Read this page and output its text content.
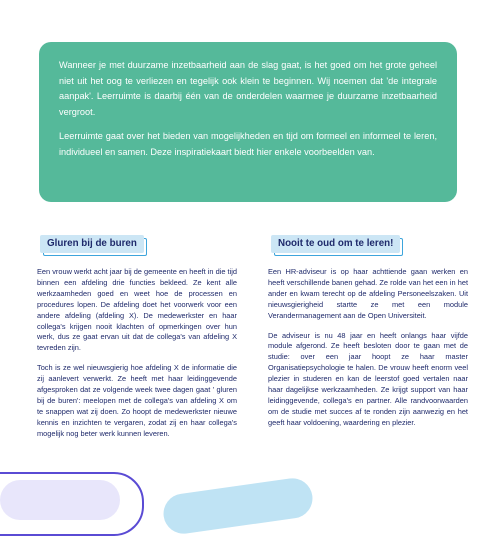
Wanneer je met duurzame inzetbaarheid aan de slag gaat, is het goed om het grote geheel niet uit het oog te verliezen en tegelijk ook klein te beginnen. Wij noemen dat 'de integrale aanpak'. Leerruimte is daarbij één van de onderdelen waarmee je duurzame inzetbaarheid vergroot.

Leerruimte gaat over het bieden van mogelijkheden en tijd om formeel en informeel te leren, individueel en samen. Deze inspiratiekaart biedt hier enkele voorbeelden van.

Gluren bij de buren

Een vrouw werkt acht jaar bij de gemeente en heeft in die tijd binnen een afdeling drie functies bekleed. Ze kent alle werkzaamheden goed en weet hoe de processen en procedures lopen. De afdeling doet het voorwerk voor een andere afdeling (afdeling X). De medewerkster en haar collega's krijgen nooit klachten of opmerkingen over hun werk, dus ze gaat ervan uit dat de collega's van afdeling X tevreden zijn.

Toch is ze wel nieuwsgierig hoe afdeling X de informatie die zij aanlevert verwerkt. Ze heeft met haar leidinggevende afgesproken dat ze volgende week twee dagen gaat ' gluren bij de buren': meelopen met de collega's van afdeling X om te snappen wat zij doen. Zo hoopt de medewerkster nieuwe kennis en inzichten te vergaren, zodat zij en haar collega's mogelijk nog beter werk kunnen leveren.

Nooit te oud om te leren!

Een HR-adviseur is op haar achttiende gaan werken en heeft verschillende banen gehad. Ze rolde van het een in het ander en kwam terecht op de afdeling Personeelszaken. Uit nieuwsgierigheid startte ze met een module Verandermanagement aan de Open Universiteit.

De adviseur is nu 48 jaar en heeft onlangs haar vijfde module afgerond. Ze heeft besloten door te gaan met de studie: over een jaar hoopt ze haar master Organisatiepsychologie te halen. De vrouw heeft enorm veel plezier in studeren en kan de leerstof goed vertalen naar haar dagelijkse werkzaamheden. Ze krijgt support van haar leidinggevende, collega's en partner. Alle randvoorwaarden om de studie met succes af te ronden zijn aanwezig en het geeft haar voldoening, waardering en plezier.
